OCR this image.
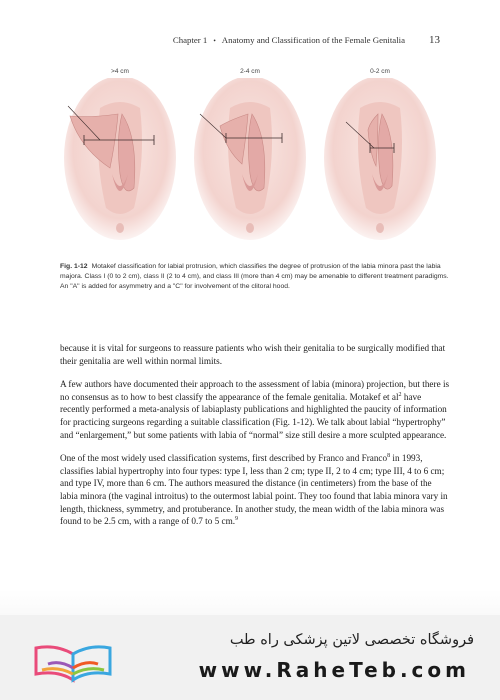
Chapter 1 • Anatomy and Classification of the Female Genitalia 13
>4 cm	2-4 cm	0-2 cm
Fig. 1-12 Motakef classification for labial protrusion, which classifies the degree of protrusion of the labia minora past the labia majora. Class I (0 to 2 cm), class II (2 to 4 cm), and class III (more than 4 cm) may be amenable to different treatment paradigms. An "A" is added for asymmetry and a "C" for involvement of the clitoral hood.

because it is vital for surgeons to reassure patients who wish their genitalia to be surgically modified that their genitalia are well within normal limits.

A few authors have documented their approach to the assessment of labia (minora) projection, but there is no consensus as to how to best classify the appearance of the female genitalia. Motakef et $al^2$ have recently performed a meta-analysis of labiaplasty publications and highlighted the paucity of information for practicing surgeons regarding a suitable classification (Fig. 1-12). We talk about labial “hypertrophy” and “enlargement,” but some patients with labia of “normal” size still desire a more sculpted appearance.

One of the most widely used classification systems, first described by Franco and Franco$^8$ in 1993, classifies labial hypertrophy into four types: type I, less than 2 cm; type II, 2 to 4 cm; type III, 4 to 6 cm; and type IV, more than 6 cm. The authors measured the distance (in centimeters) from the base of the labia minora (the vaginal introitus) to the outermost labial point. They too found that labia minora vary in length, thickness, symmetry, and protuberance. In another study, the mean width of the labia minora was found to be 2.5 cm, with a range of 0.7 to 5 cm.$^9$

فروشگاه تخصصی لاتین پزشکی راه طب
www.RaheTeb.com
